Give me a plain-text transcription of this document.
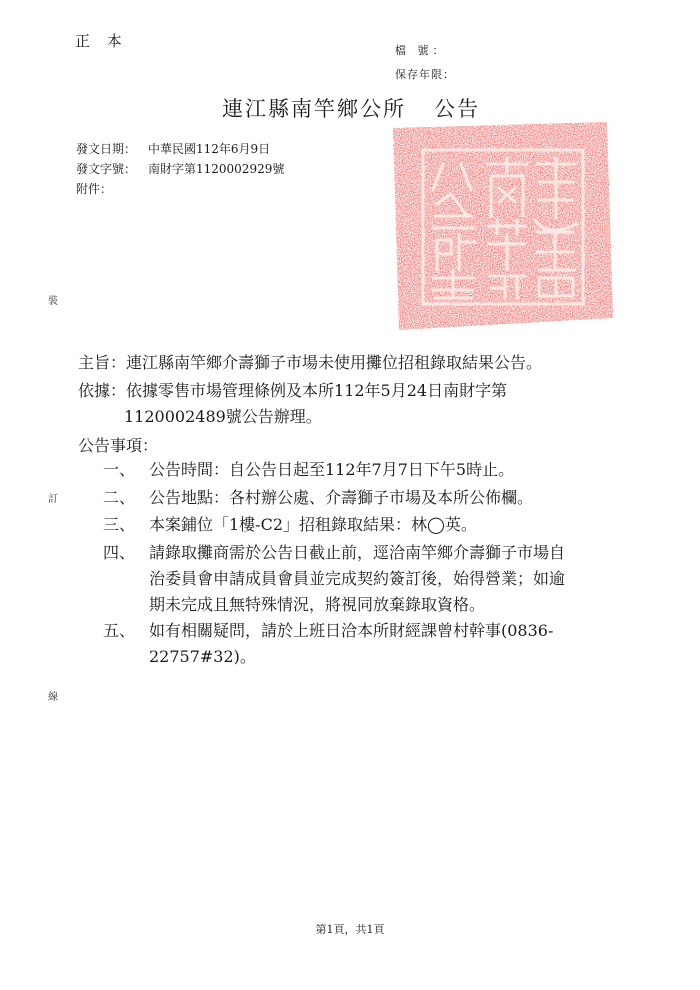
正 本
檔 號：
保存年限：
連江縣南竿鄉公所 公告
發文日期： 中華民國112年6月9日
發文字號： 南財字第1120002929號
附件：
裝
訂
線
主旨：連江縣南竿鄉介壽獅子市場未使用攤位招租錄取結果公告。
依據：依據零售市場管理條例及本所112年5月24日南財字第
1120002489號公告辦理。
公告事項：
一、 公告時間：自公告日起至112年7月7日下午5時止。
二、 公告地點：各村辦公處、介壽獅子市場及本所公佈欄。
三、 本案鋪位「1樓-C2」招租錄取結果：林◯英。
四、 請錄取攤商需於公告日截止前，逕洽南竿鄉介壽獅子市場自
治委員會申請成員會員並完成契約簽訂後，始得營業；如逾
期未完成且無特殊情況，將視同放棄錄取資格。
五、 如有相關疑問，請於上班日洽本所財經課曾村幹事(0836-
22757#32)。
第1頁，共1頁
